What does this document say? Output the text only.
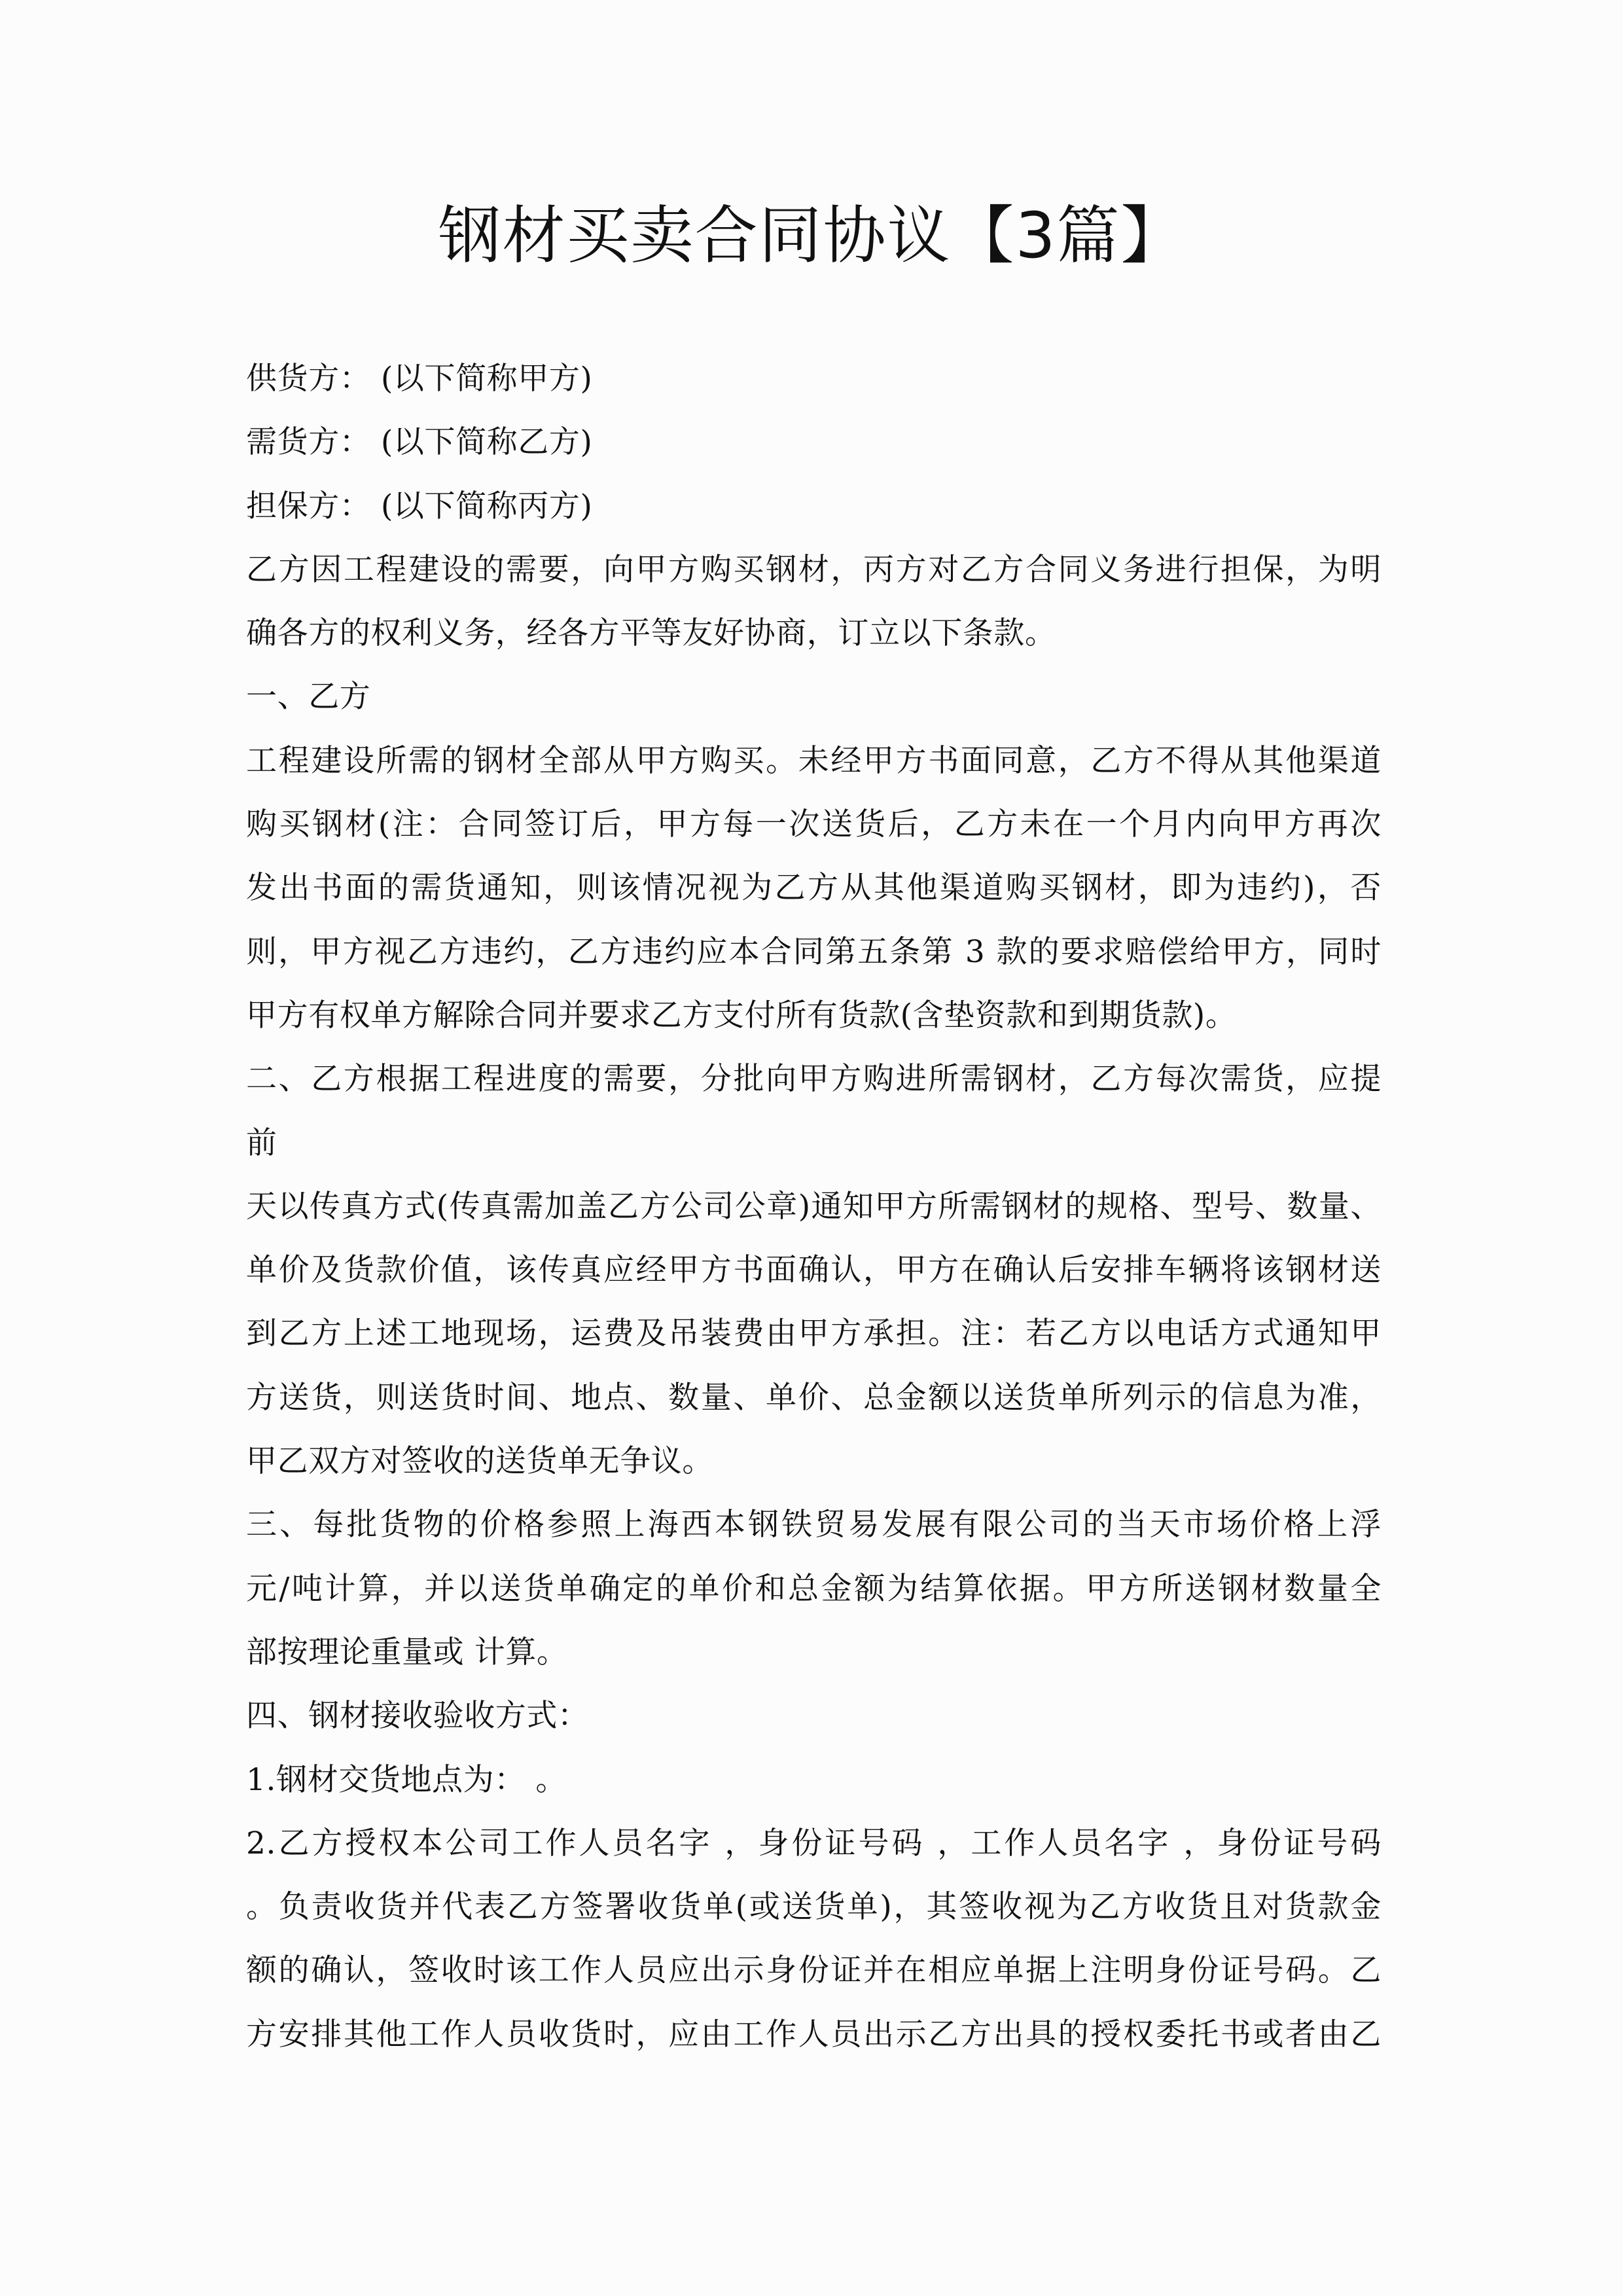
钢材买卖合同协议【3篇】
供货方： (以下简称甲方)
需货方： (以下简称乙方)
担保方： (以下简称丙方)
乙方因工程建设的需要，向甲方购买钢材，丙方对乙方合同义务进行担保，为明
确各方的权利义务，经各方平等友好协商，订立以下条款。
一、乙方
工程建设所需的钢材全部从甲方购买。未经甲方书面同意，乙方不得从其他渠道
购买钢材(注：合同签订后，甲方每一次送货后，乙方未在一个月内向甲方再次
发出书面的需货通知，则该情况视为乙方从其他渠道购买钢材，即为违约)，否
则，甲方视乙方违约，乙方违约应本合同第五条第 3 款的要求赔偿给甲方，同时
甲方有权单方解除合同并要求乙方支付所有货款(含垫资款和到期货款)。
二、乙方根据工程进度的需要，分批向甲方购进所需钢材，乙方每次需货，应提
前
天以传真方式(传真需加盖乙方公司公章)通知甲方所需钢材的规格、型号、数量、
单价及货款价值，该传真应经甲方书面确认，甲方在确认后安排车辆将该钢材送
到乙方上述工地现场，运费及吊装费由甲方承担。注：若乙方以电话方式通知甲
方送货，则送货时间、地点、数量、单价、总金额以送货单所列示的信息为准，
甲乙双方对签收的送货单无争议。
三、每批货物的价格参照上海西本钢铁贸易发展有限公司的当天市场价格上浮
元/吨计算，并以送货单确定的单价和总金额为结算依据。甲方所送钢材数量全
部按理论重量或 计算。
四、钢材接收验收方式：
1.钢材交货地点为： 。
2.乙方授权本公司工作人员名字 ，身份证号码 ，工作人员名字 ，身份证号码
。负责收货并代表乙方签署收货单(或送货单)，其签收视为乙方收货且对货款金
额的确认，签收时该工作人员应出示身份证并在相应单据上注明身份证号码。乙
方安排其他工作人员收货时，应由工作人员出示乙方出具的授权委托书或者由乙
